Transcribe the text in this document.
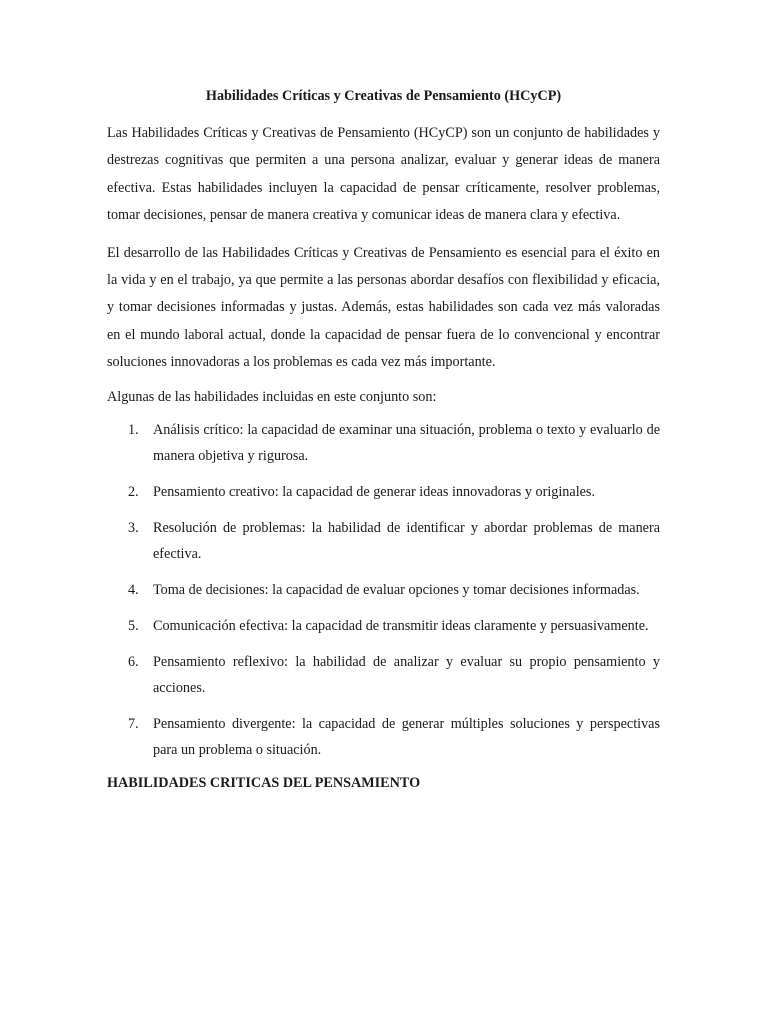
Habilidades Críticas y Creativas de Pensamiento (HCyCP)

Las Habilidades Críticas y Creativas de Pensamiento (HCyCP) son un conjunto de habilidades y destrezas cognitivas que permiten a una persona analizar, evaluar y generar ideas de manera efectiva. Estas habilidades incluyen la capacidad de pensar críticamente, resolver problemas, tomar decisiones, pensar de manera creativa y comunicar ideas de manera clara y efectiva.

El desarrollo de las Habilidades Críticas y Creativas de Pensamiento es esencial para el éxito en la vida y en el trabajo, ya que permite a las personas abordar desafíos con flexibilidad y eficacia, y tomar decisiones informadas y justas. Además, estas habilidades son cada vez más valoradas en el mundo laboral actual, donde la capacidad de pensar fuera de lo convencional y encontrar soluciones innovadoras a los problemas es cada vez más importante.

Algunas de las habilidades incluidas en este conjunto son:

1. Análisis crítico: la capacidad de examinar una situación, problema o texto y evaluarlo de manera objetiva y rigurosa.
2. Pensamiento creativo: la capacidad de generar ideas innovadoras y originales.
3. Resolución de problemas: la habilidad de identificar y abordar problemas de manera efectiva.
4. Toma de decisiones: la capacidad de evaluar opciones y tomar decisiones informadas.
5. Comunicación efectiva: la capacidad de transmitir ideas claramente y persuasivamente.
6. Pensamiento reflexivo: la habilidad de analizar y evaluar su propio pensamiento y acciones.
7. Pensamiento divergente: la capacidad de generar múltiples soluciones y perspectivas para un problema o situación.
HABILIDADES CRITICAS DEL PENSAMIENTO
